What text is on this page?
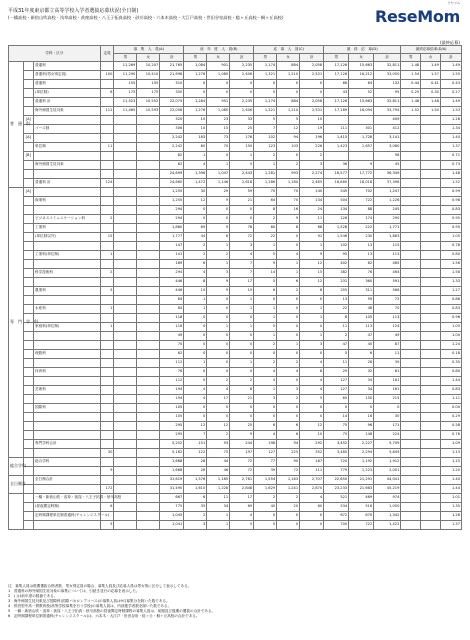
平成31年度東京都立高等学校入学者選抜応募状況(全日制)
(一橋高校・新宿山吹高校・浅草高校・荻窪高校・八王子拓真高校・砂川高校・六本木高校・大江戸高校・世田谷泉高校・稔ヶ丘高校・桐ヶ丘高校)	ReseMom
リセマム
(最終応募)
学科・区分			定員	募　集　人　員(A)			前　年　度　人　員(B)			応　募　人　員(C)			最　終　応　募(D)			最終応募倍率(D/A)		
				男	女	計	男	女	計	男	女	計	男	女	計	男	女	計
普　通　科		普通科		11,269	10,207	21,765	1,084	901	2,235	1,174	884	2,058	17,126	15,663	32,811	1.48	1.49	1.49
		普通科(男女別定員)	100	11,290	10,410	21,698	1,276	1,080	2,406	1,321	1,210	2,531	17,126	16,212	33,050	1.54	1.57	1.55
		普通科		155	155	310	0	0	0	0	0	0	66	64	132	0.44	0.41	0.43
		(単位制)	6	175	175	350	0	0	0	0	0	0	43	52	95	0.25	0.30	0.27
		普通科 計		11,523	10,552	22,075	1,284	951	2,235	1,174	884	2,058	17,126	15,663	32,811	1.48	1.48	1.49
		海外帰国生徒対象	112	11,465	10,593	22,058	1,276	1,080	2,406	1,321	1,210	2,531	17,169	16,094	33,794	1.52	1.50	1.53
	[A]					320	10	23	33	5	5	10			409			1.28
		コース制				306	10	15	25	7	12	19	111	301	412			1.34
	[A]					2,242	183	73	176	102	94	196	1,415	1,728	3,141			1.40
		単位制	11			2,242	80	70	150	123	103	226	1,423	1,657	3,080			1.37
	[B]					82	1	0	1	2	0	2			58			0.71
		海外帰国生徒対象				62	4	1	5	1	2	3	36	9	45			0.73
						24,699	1,396	1,047	2,443	1,281	993	2,274	18,577	17,772	36,349			1.48
		普通科 計	124			24,660	1,472	1,146	2,618	1,286	1,180	2,465	18,680	18,018	37,398			1.52
専　門　学　科	[A]					1,255	30	29	59	70	70	140	545	702	1,247			0.99
		商業科				1,255	12	9	21	64	70	134	504	722	1,226			0.98
						294	0	0	0	8	16	24	134	88	245			0.83
		ビジネスコミュニケーション科	2			294	0	0	0	2	9	11	126	174	290			0.95
		工業科				1,860	69	9	78	60	8	68	1,528	222	1,771			0.95
		(単位制以外)	15			1,777	44	8	72	22	0	91	1,546	230	1,863			1.05
						147	2	1	3	1	0	1	102	13	115			0.78
		工業科(単位制)	1			141	2	2	4	5	4	9	95	13	113			0.80
						189	6	1	7	9	1	12	402	62	465			1.56
		科学技術科	2			294	4	3	7	14	1	15	382	76	464			1.58
						446	8	9	17	5	6	12	231	360	591			1.33
		農業科	5			446	10	9	19	6	2	8	255	311	566			1.27
						84	1	0	1	0	0	0	13	59	72			0.86
		水産科	1			84	1	0	1	1	0	1	22	48	70			0.83
						118	0	0	0	1	0	1	8	105	113			0.96
		家庭科(単位制)	1			118	0	1	1	0	0	0	11	113	124			1.05
						49	0	0	0	1	0	1	2	47	49			1.00
						70	0	0	0	2	1	3	47	40	87			1.24
		理数科				62	0	0	0	0	0	0	5	6	11			0.18
						112	1	0	1	2	2	4	11	28	39			0.35
		体育科				76	0	0	0	4	4	8	29	32	61			0.80
						112	0	2	2	4	0	4	127	34	161			1.44
		芸術科				194	4	4	8	1	3	4	127	34	161			0.83
						194	4	17	21	3	2	5	65	150	215			1.11
		国際科				105	0	0	0	0	0	0	0	0	0			0.00
						105	0	0	0	0	0	0	14	16	30			0.29
						295	12	12	25	6	6	12	75	96	171			0.58
						295	7	2	9	4	6	10	75	148	224			0.76
		専門学科合計				5,252	151	93	244	198	94	292	3,452	2,227	5,709			1.09
			30			5,162	122	75	197	127	225	352	3,485	2,294	5,849			1.13
総合学科		総合学科				1,668	28	44	72	77	90	167	720	1,192	1,912			1.15
			9			1,668	26	46	72	39	72	111	779	1,223	2,001			1.20
全日制計		全日制合計				31,619	1,576	1,185	2,761	1,554	1,163	2,707	22,650	21,291	44,041			1.40
			172			31,490	1,610	1,228	2,848	1,629	1,241	2,870	23,233	21,663	45,219			1.44
		一橋・新宿山吹・浅草・荻窪・八王子拓真・砂川高校				667	6	11	17	2	2	4	521	469	974			1.01
		(昼夜間定時制)	6			775	35	34	69	40	20	60	534	516	1,050			1.35
		定時制課程単位制普通科(チャレンジスクール)				1,045	2	1	4	0	0	0	672	670	1,342			1.28
			5			1,041	3	1	5	0	0	0	700	722	1,422			1.37
注　募集人員は推薦選抜合格者数、男女別定員の場合、募集人員及び応募人員は男女別に区分して表示してある。
1　普通科の海外帰国生徒対象の募集については、引続き並行の応募を表示した。
2　( )は前年度の数値である。
3　海外帰国生徒対象及び国際科(国際バカロレアコース)の募集人員は9月募集分を除いた数である。
4　併設型中高一貫教育校(高等学校募集を行う学校)の募集人員は、内部進学者数を除いた数である。
5　一橋・新宿山吹・浅草・荻窪・八王子拓真・砂川高校の昼夜間定時制課程の募集人員は、前期及び後期の選抜の合計である。
6　定時制課程単位制普通科(チャレンジスクール)は、六本木・大江戸・世田谷泉・稔ヶ丘・桐ヶ丘高校の合計である。
